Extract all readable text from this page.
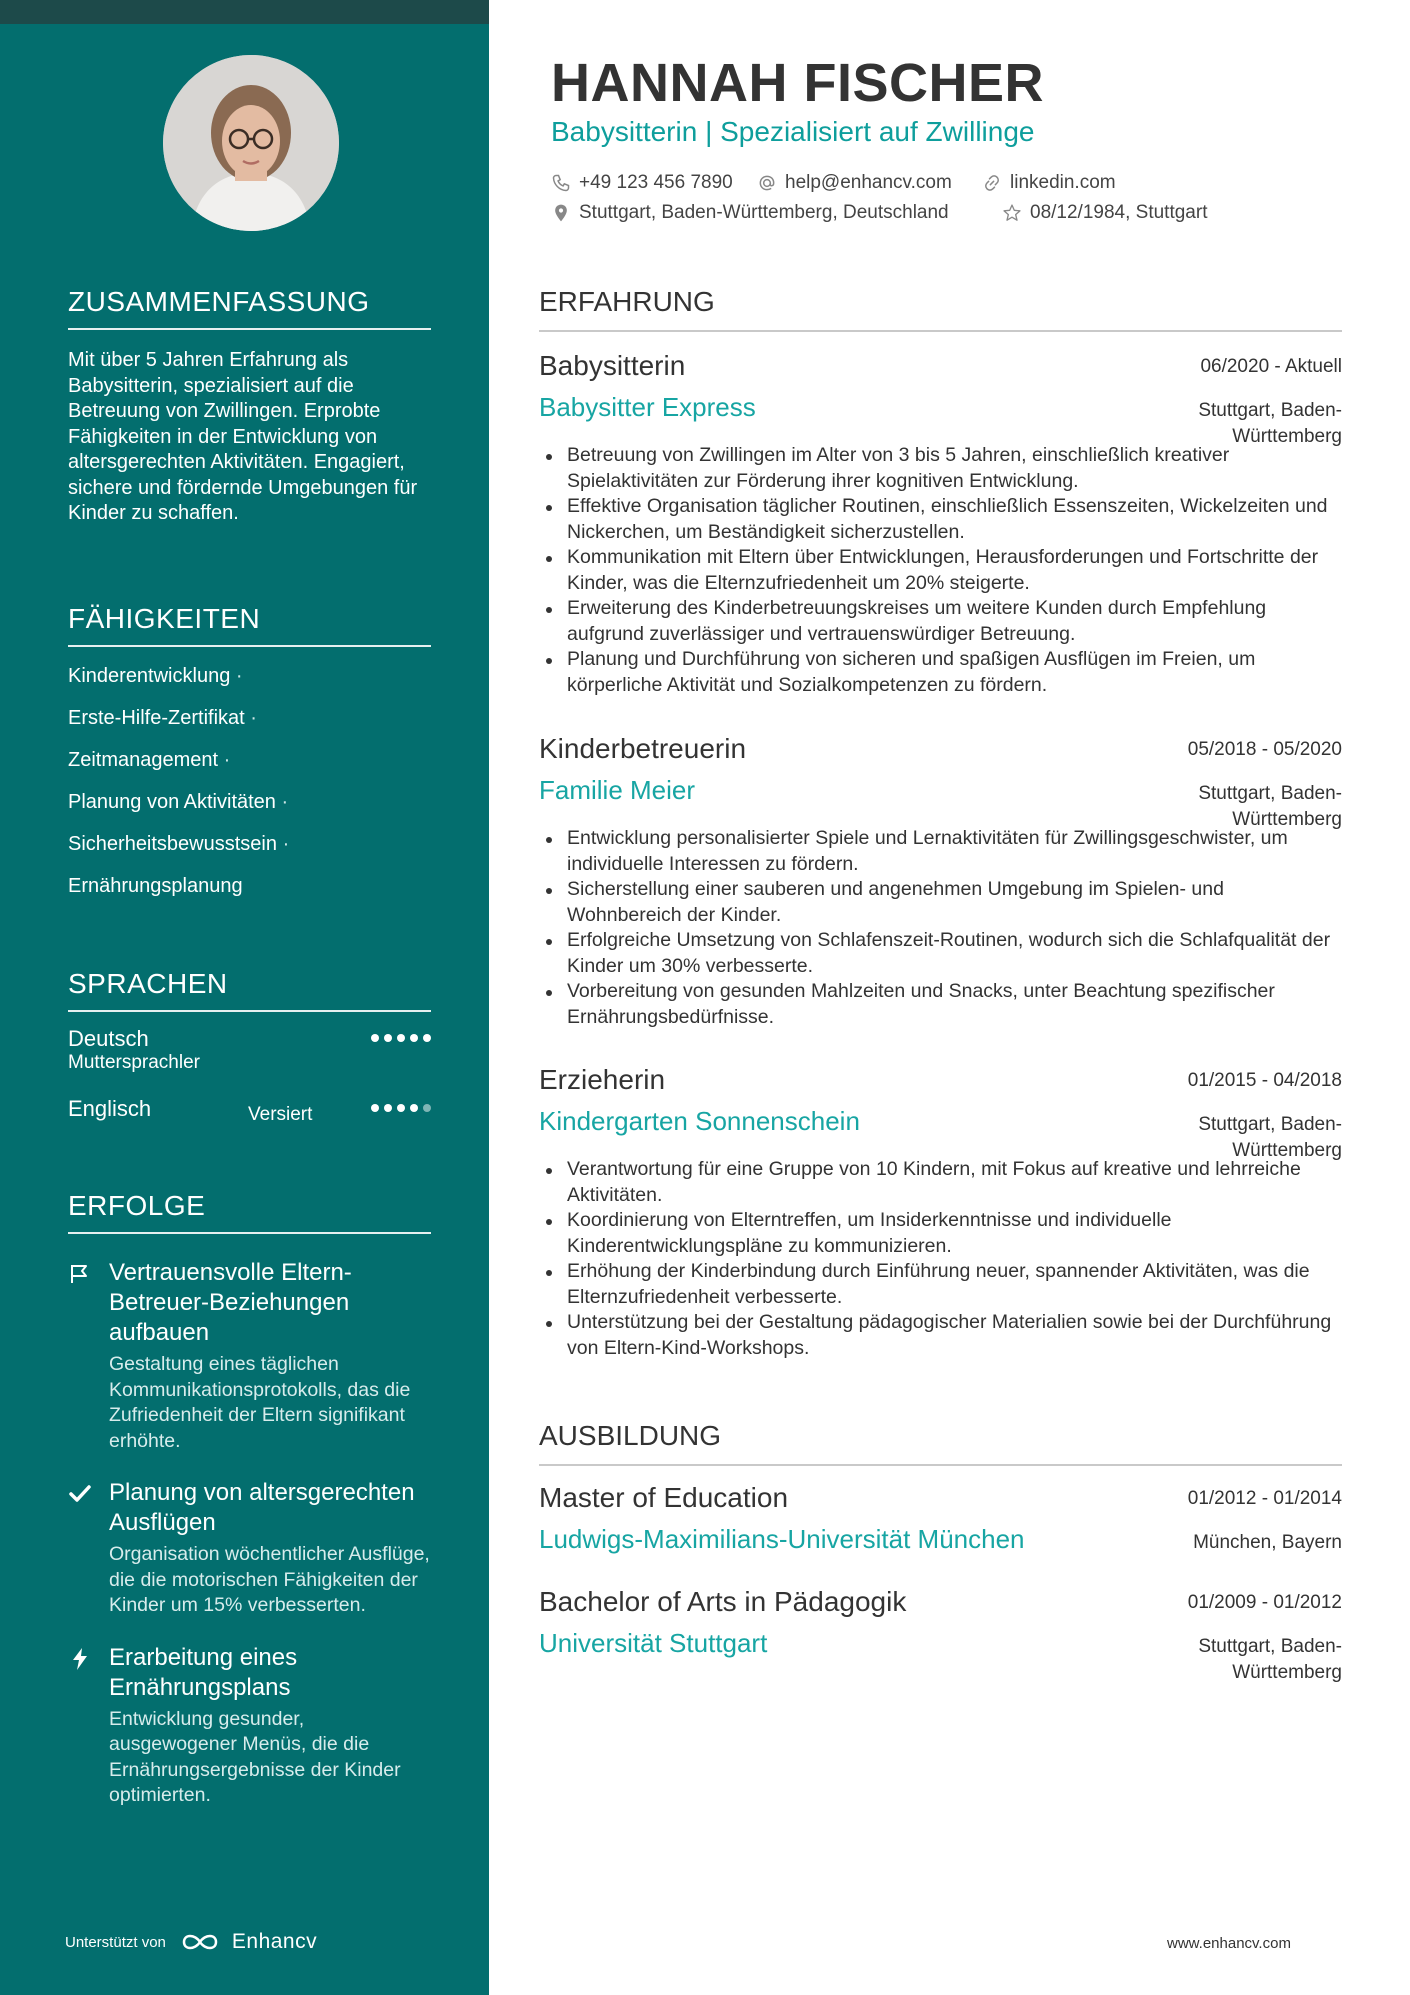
ZUSAMMENFASSUNG
Mit über 5 Jahren Erfahrung als Babysitterin, spezialisiert auf die Betreuung von Zwillingen. Erprobte Fähigkeiten in der Entwicklung von altersgerechten Aktivitäten. Engagiert, sichere und fördernde Umgebungen für Kinder zu schaffen.
FÄHIGKEITEN
Kinderentwicklung ·
Erste-Hilfe-Zertifikat ·
Zeitmanagement ·
Planung von Aktivitäten ·
Sicherheitsbewusstsein ·
Ernährungsplanung
SPRACHEN
Deutsch
Muttersprachler
Englisch	Versiert
ERFOLGE
Vertrauensvolle Eltern-Betreuer-Beziehungen aufbauen
Gestaltung eines täglichen Kommunikationsprotokolls, das die Zufriedenheit der Eltern signifikant erhöhte.
Planung von altersgerechten Ausflügen
Organisation wöchentlicher Ausflüge, die die motorischen Fähigkeiten der Kinder um 15% verbesserten.
Erarbeitung eines Ernährungsplans
Entwicklung gesunder, ausgewogener Menüs, die die Ernährungsergebnisse der Kinder optimierten.
Unterstützt von	Enhancv
HANNAH FISCHER
Babysitterin | Spezialisiert auf Zwillinge
+49 123 456 7890	help@enhancv.com	linkedin.com
Stuttgart, Baden-Württemberg, Deutschland	08/12/1984, Stuttgart
ERFAHRUNG
Babysitterin
Babysitter Express
06/2020 - Aktuell
Stuttgart, Baden-Württemberg
Betreuung von Zwillingen im Alter von 3 bis 5 Jahren, einschließlich kreativer Spielaktivitäten zur Förderung ihrer kognitiven Entwicklung.
Effektive Organisation täglicher Routinen, einschließlich Essenszeiten, Wickelzeiten und Nickerchen, um Beständigkeit sicherzustellen.
Kommunikation mit Eltern über Entwicklungen, Herausforderungen und Fortschritte der Kinder, was die Elternzufriedenheit um 20% steigerte.
Erweiterung des Kinderbetreuungskreises um weitere Kunden durch Empfehlung aufgrund zuverlässiger und vertrauenswürdiger Betreuung.
Planung und Durchführung von sicheren und spaßigen Ausflügen im Freien, um körperliche Aktivität und Sozialkompetenzen zu fördern.
Kinderbetreuerin
Familie Meier
05/2018 - 05/2020
Stuttgart, Baden-Württemberg
Entwicklung personalisierter Spiele und Lernaktivitäten für Zwillingsgeschwister, um individuelle Interessen zu fördern.
Sicherstellung einer sauberen und angenehmen Umgebung im Spielen- und Wohnbereich der Kinder.
Erfolgreiche Umsetzung von Schlafenszeit-Routinen, wodurch sich die Schlafqualität der Kinder um 30% verbesserte.
Vorbereitung von gesunden Mahlzeiten und Snacks, unter Beachtung spezifischer Ernährungsbedürfnisse.
Erzieherin
Kindergarten Sonnenschein
01/2015 - 04/2018
Stuttgart, Baden-Württemberg
Verantwortung für eine Gruppe von 10 Kindern, mit Fokus auf kreative und lehrreiche Aktivitäten.
Koordinierung von Elterntreffen, um Insiderkenntnisse und individuelle Kinderentwicklungspläne zu kommunizieren.
Erhöhung der Kinderbindung durch Einführung neuer, spannender Aktivitäten, was die Elternzufriedenheit verbesserte.
Unterstützung bei der Gestaltung pädagogischer Materialien sowie bei der Durchführung von Eltern-Kind-Workshops.
AUSBILDUNG
Master of Education
Ludwigs-Maximilians-Universität München
01/2012 - 01/2014
München, Bayern
Bachelor of Arts in Pädagogik
Universität Stuttgart
01/2009 - 01/2012
Stuttgart, Baden-Württemberg
www.enhancv.com
